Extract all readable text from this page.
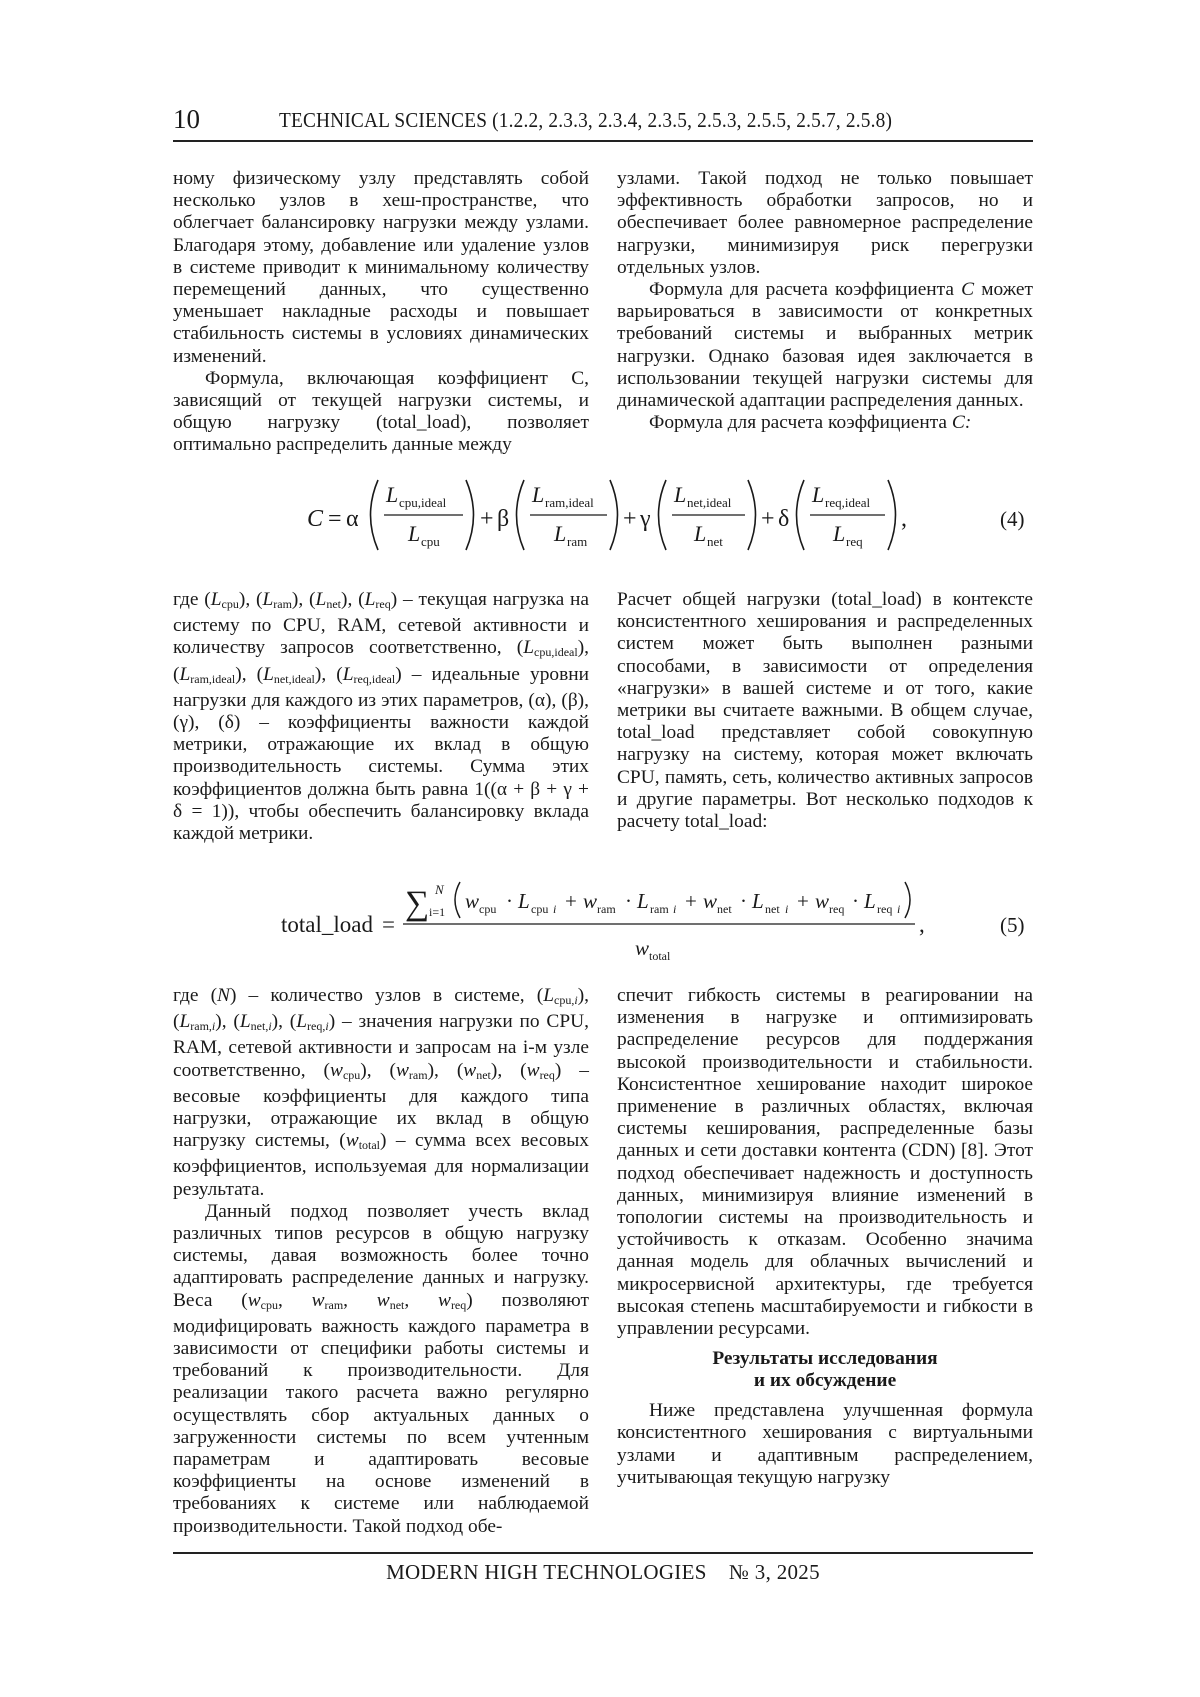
10	TECHNICAL SCIENCES (1.2.2, 2.3.3, 2.3.4, 2.3.5, 2.5.3, 2.5.5, 2.5.7, 2.5.8)

ному физическому узлу представлять собой несколько узлов в хеш-пространстве, что облегчает балансировку нагрузки между узлами. Благодаря этому, добавление или удаление узлов в системе приводит к минимальному количеству перемещений данных, что существенно уменьшает накладные расходы и повышает стабильность системы в условиях динамических изменений.

Формула, включающая коэффициент C, зависящий от текущей нагрузки системы, и общую нагрузку (total_load), позволяет оптимально распределить данные между

узлами. Такой подход не только повышает эффективность обработки запросов, но и обеспечивает более равномерное распределение нагрузки, минимизируя риск перегрузки отдельных узлов.

Формула для расчета коэффициента C может варьироваться в зависимости от конкретных требований системы и выбранных метрик нагрузки. Однако базовая идея заключается в использовании текущей нагрузки системы для динамической адаптации распределения данных.

Формула для расчета коэффициента C:

C = α
L cpu,ideal
L cpu
+ β
L ram,ideal
L ram
+ γ
L net,ideal
L net
+ δ
L req,ideal
L req
,	(4)

где $(L_{cpu})$, $(L_{ram})$, $(L_{net})$, $(L_{req})$ – текущая нагрузка на систему по CPU, RAM, сетевой активности и количеству запросов соответственно, $(L_{cpu,ideal})$, $(L_{ram,ideal})$, $(L_{net,ideal})$, $(L_{req,ideal})$ – идеальные уровни нагрузки для каждого из этих параметров, (α), (β), (γ), (δ) – коэффициенты важности каждой метрики, отражающие их вклад в общую производительность системы. Сумма этих коэффициентов должна быть равна 1((α + β + γ + δ = 1)), чтобы обеспечить балансировку вклада каждой метрики.

Расчет общей нагрузки (total_load) в контексте консистентного хеширования и распределенных систем может быть выполнен разными способами, в зависимости от определения «нагрузки» в вашей системе и от того, какие метрики вы считаете важными. В общем случае, total_load представляет собой совокупную нагрузку на систему, которая может включать CPU, память, сеть, количество активных запросов и другие параметры. Вот несколько подходов к расчету total_load:

total_load =
∑ N
i=1 w cpu · L cpu i + w ram · L ram i + w net · L net i + w req · L req i
w total
,	(5)

где (N) – количество узлов в системе, $(L_{cpu,i})$, $(L_{ram,i})$, $(L_{net,i})$, $(L_{req,i})$ – значения нагрузки по CPU, RAM, сетевой активности и запросам на i-м узле соответственно, $(w_{cpu})$, $(w_{ram})$, $(w_{net})$, $(w_{req})$ – весовые коэффициенты для каждого типа нагрузки, отражающие их вклад в общую нагрузку системы, $(w_{total})$ – сумма всех весовых коэффициентов, используемая для нормализации результата.

Данный подход позволяет учесть вклад различных типов ресурсов в общую нагрузку системы, давая возможность более точно адаптировать распределение данных и нагрузку. Веса ($w_{cpu}$, $w_{ram}$, $w_{net}$, $w_{req}$) позволяют модифицировать важность каждого параметра в зависимости от специфики работы системы и требований к производительности. Для реализации такого расчета важно регулярно осуществлять сбор актуальных данных о загруженности системы по всем учтенным параметрам и адаптировать весовые коэффициенты на основе изменений в требованиях к системе или наблюдаемой производительности. Такой подход обе-

спечит гибкость системы в реагировании на изменения в нагрузке и оптимизировать распределение ресурсов для поддержания высокой производительности и стабильности. Консистентное хеширование находит широкое применение в различных областях, включая системы кеширования, распределенные базы данных и сети доставки контента (CDN) [8]. Этот подход обеспечивает надежность и доступность данных, минимизируя влияние изменений в топологии системы на производительность и устойчивость к отказам. Особенно значима данная модель для облачных вычислений и микросервисной архитектуры, где требуется высокая степень масштабируемости и гибкости в управлении ресурсами.

Результаты исследования
и их обсуждение

Ниже представлена улучшенная формула консистентного хеширования с виртуальными узлами и адаптивным распределением, учитывающая текущую нагрузку

MODERN HIGH TECHNOLOGIES    № 3, 2025
